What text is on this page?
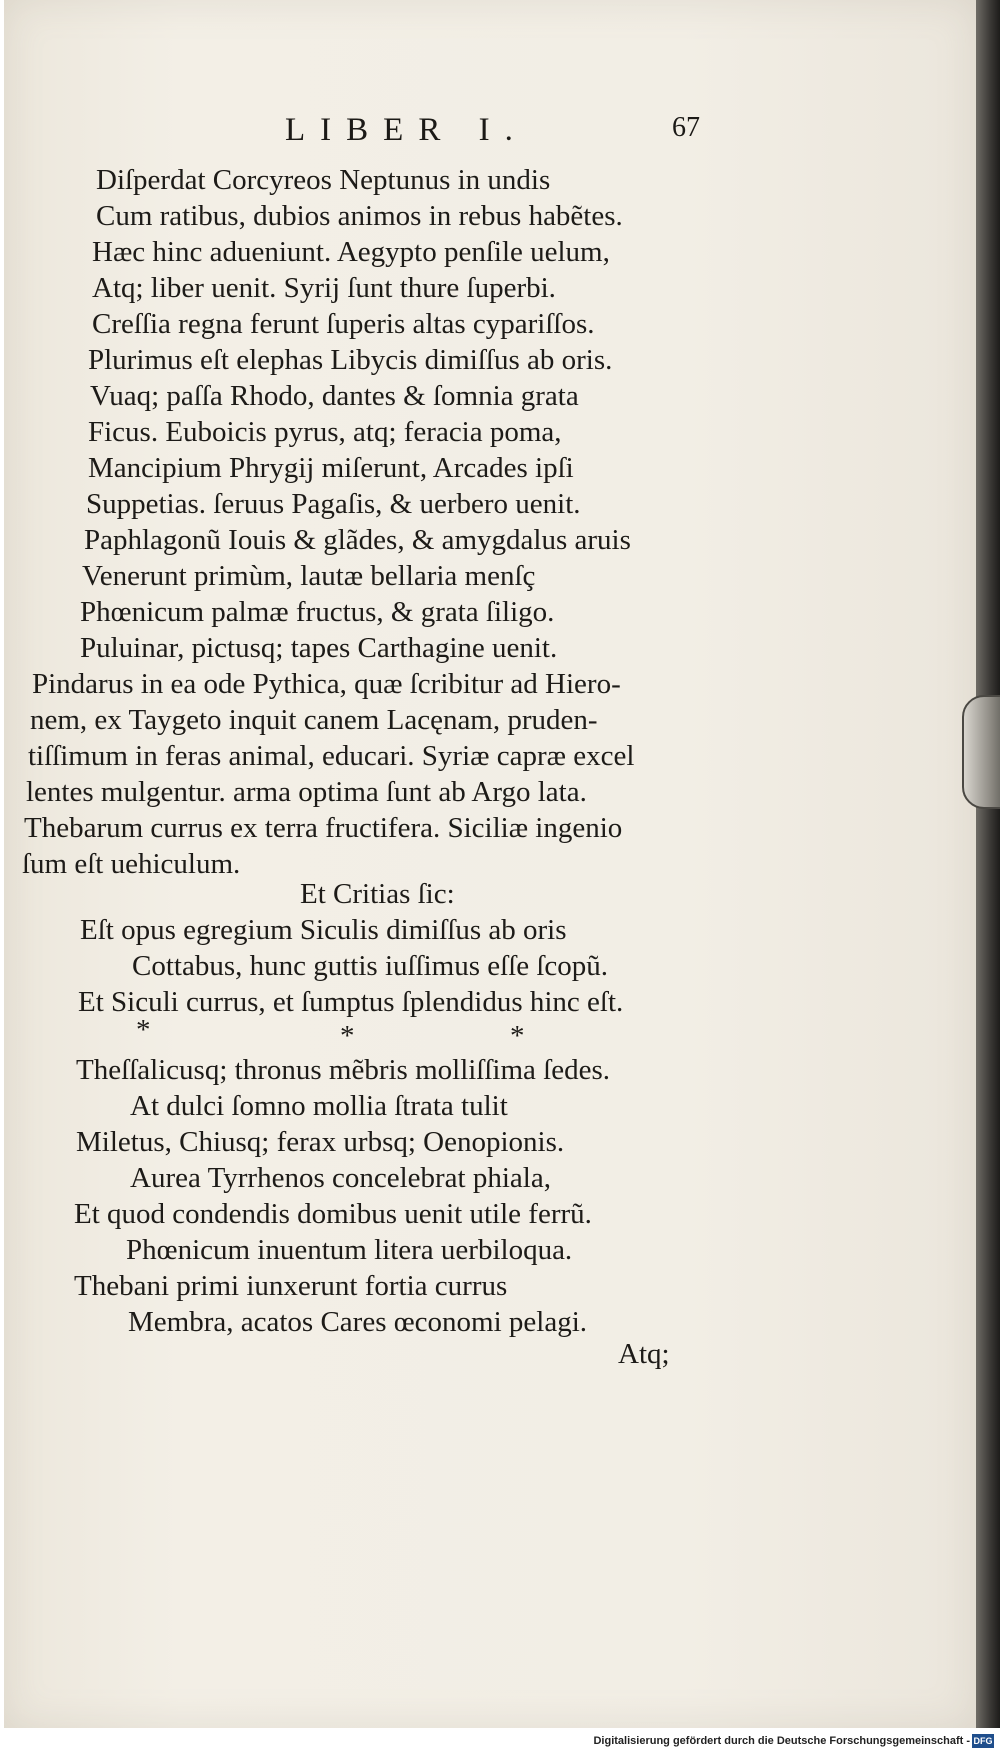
LIBER I.	67
Diſperdat Corcyreos Neptunus in undis
Cum ratibus, dubios animos in rebus habẽtes.
Hæc hinc adueniunt. Aegypto penſile uelum,
Atq; liber uenit. Syrij ſunt thure ſuperbi.
Creſſia regna ferunt ſuperis altas cypariſſos.
Plurimus eſt elephas Libycis dimiſſus ab oris.
Vuaq; paſſa Rhodo, dantes & ſomnia grata
Ficus. Euboicis pyrus, atq; feracia poma,
Mancipium Phrygij miſerunt, Arcades ipſi
Suppetias. ſeruus Pagaſis, & uerbero uenit.
Paphlagonũ Iouis & glãdes, & amygdalus aruis
Venerunt primùm, lautæ bellaria menſç
Phœnicum palmæ fructus, & grata ſiligo.
Puluinar, pictusq; tapes Carthagine uenit.
Pindarus in ea ode Pythica, quæ ſcribitur ad Hiero-
nem, ex Taygeto inquit canem Lacęnam, pruden-
tiſſimum in feras animal, educari. Syriæ capræ excel
lentes mulgentur. arma optima ſunt ab Argo lata.
Thebarum currus ex terra fructifera. Siciliæ ingenio
ſum eſt uehiculum.
Et Critias ſic:
Eſt opus egregium Siculis dimiſſus ab oris
Cottabus, hunc guttis iuſſimus eſſe ſcopũ.
Et Siculi currus, et ſumptus ſplendidus hinc eſt.
*	*	*
Theſſalicusq; thronus mẽbris molliſſima ſedes.
At dulci ſomno mollia ſtrata tulit
Miletus, Chiusq; ferax urbsq; Oenopionis.
Aurea Tyrrhenos concelebrat phiala,
Et quod condendis domibus uenit utile ferrũ.
Phœnicum inuentum litera uerbiloqua.
Thebani primi iunxerunt fortia currus
Membra, acatos Cares œconomi pelagi.
Atq;
Digitalisierung gefördert durch die Deutsche Forschungsgemeinschaft - DFG
